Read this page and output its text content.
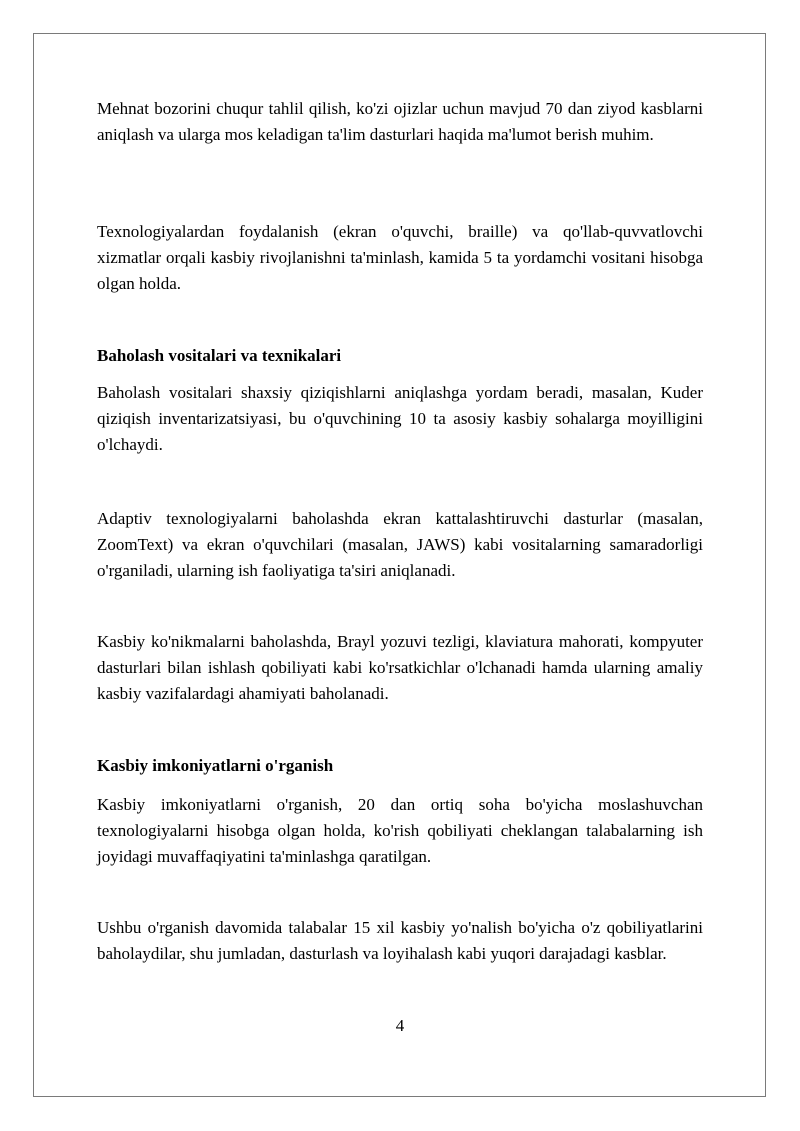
Mehnat bozorini chuqur tahlil qilish, ko'zi ojizlar uchun mavjud 70 dan ziyod kasblarni aniqlash va ularga mos keladigan ta'lim dasturlari haqida ma'lumot berish muhim.

Texnologiyalardan foydalanish (ekran o'quvchi, braille) va qo'llab-quvvatlovchi xizmatlar orqali kasbiy rivojlanishni ta'minlash, kamida 5 ta yordamchi vositani hisobga olgan holda.

Baholash vositalari va texnikalari

Baholash vositalari shaxsiy qiziqishlarni aniqlashga yordam beradi, masalan, Kuder qiziqish inventarizatsiyasi, bu o'quvchining 10 ta asosiy kasbiy sohalarga moyilligini o'lchaydi.

Adaptiv texnologiyalarni baholashda ekran kattalashtiruvchi dasturlar (masalan, ZoomText) va ekran o'quvchilari (masalan, JAWS) kabi vositalarning samaradorligi o'rganiladi, ularning ish faoliyatiga ta'siri aniqlanadi.

Kasbiy ko'nikmalarni baholashda, Brayl yozuvi tezligi, klaviatura mahorati, kompyuter dasturlari bilan ishlash qobiliyati kabi ko'rsatkichlar o'lchanadi hamda ularning amaliy kasbiy vazifalardagi ahamiyati baholanadi.

Kasbiy imkoniyatlarni o'rganish

Kasbiy imkoniyatlarni o'rganish, 20 dan ortiq soha bo'yicha moslashuvchan texnologiyalarni hisobga olgan holda, ko'rish qobiliyati cheklangan talabalarning ish joyidagi muvaffaqiyatini ta'minlashga qaratilgan.

Ushbu o'rganish davomida talabalar 15 xil kasbiy yo'nalish bo'yicha o'z qobiliyatlarini baholaydilar, shu jumladan, dasturlash va loyihalash kabi yuqori darajadagi kasblar.

4
